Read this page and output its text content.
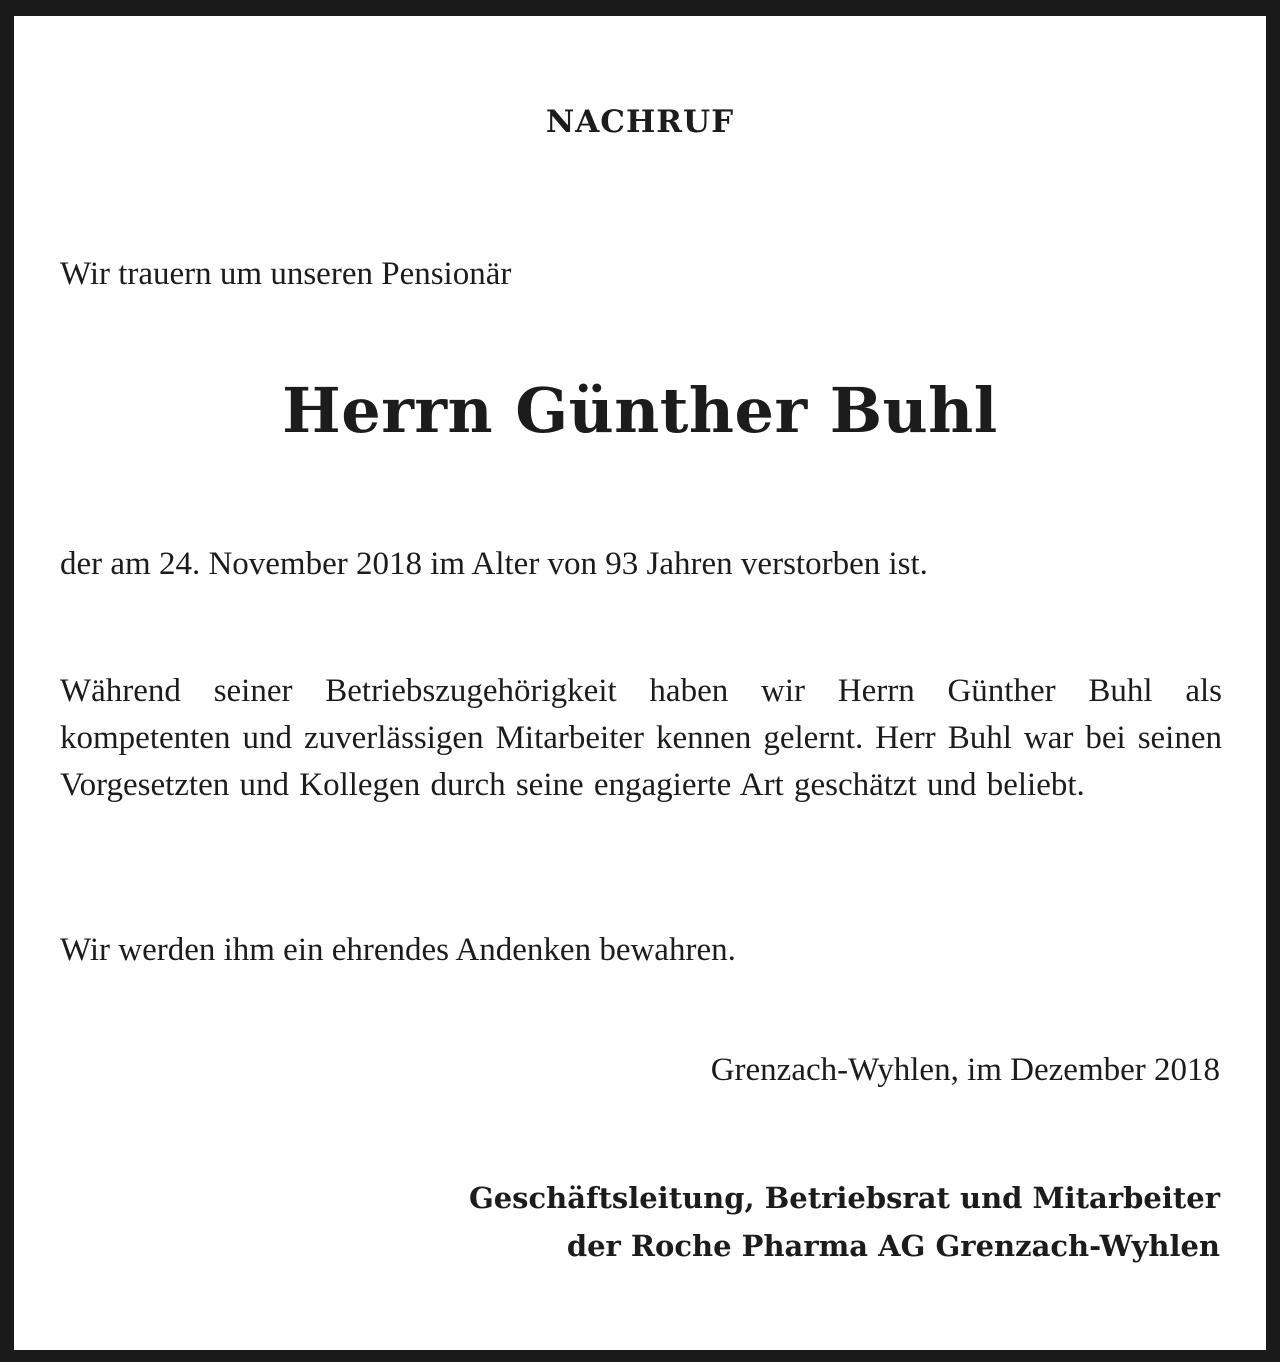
NACHRUF
Wir trauern um unseren Pensionär
Herrn Günther Buhl
der am 24. November 2018 im Alter von 93 Jahren verstorben ist.
Während seiner Betriebszugehörigkeit haben wir Herrn Günther Buhl als kompetenten und zuverlässigen Mitarbeiter kennen gelernt. Herr Buhl war bei seinen Vorgesetzten und Kollegen durch seine engagierte Art geschätzt und beliebt.
Wir werden ihm ein ehrendes Andenken bewahren.
Grenzach-Wyhlen, im Dezember 2018
Geschäftsleitung, Betriebsrat und Mitarbeiter
der Roche Pharma AG Grenzach-Wyhlen
